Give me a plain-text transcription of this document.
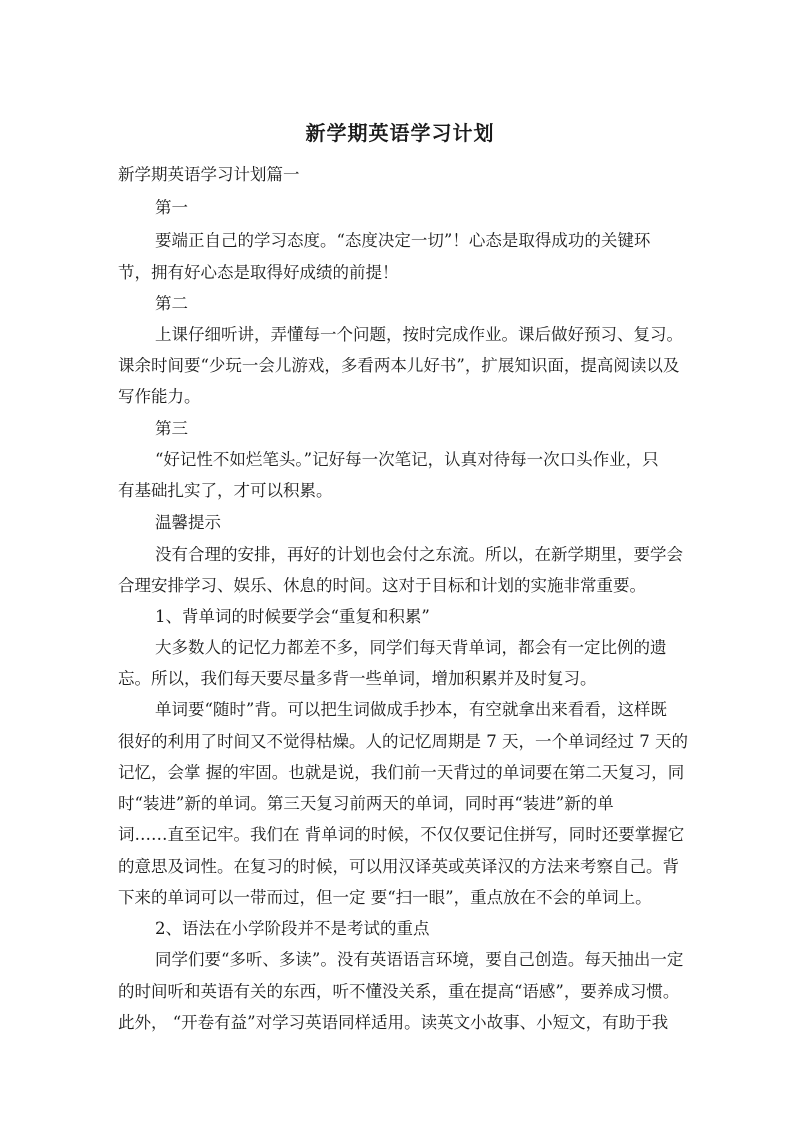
新学期英语学习计划
新学期英语学习计划篇一
第一
要端正自己的学习态度。“态度决定一切”！心态是取得成功的关键环
节，拥有好心态是取得好成绩的前提！
第二
上课仔细听讲，弄懂每一个问题，按时完成作业。课后做好预习、复习。
课余时间要“少玩一会儿游戏，多看两本儿好书”，扩展知识面，提高阅读以及
写作能力。
第三
“好记性不如烂笔头。”记好每一次笔记，认真对待每一次口头作业，只
有基础扎实了，才可以积累。
温馨提示
没有合理的安排，再好的计划也会付之东流。所以，在新学期里，要学会
合理安排学习、娱乐、休息的时间。这对于目标和计划的实施非常重要。
1、背单词的时候要学会“重复和积累”
大多数人的记忆力都差不多，同学们每天背单词，都会有一定比例的遗
忘。所以，我们每天要尽量多背一些单词，增加积累并及时复习。
单词要“随时”背。可以把生词做成手抄本，有空就拿出来看看，这样既
很好的利用了时间又不觉得枯燥。人的记忆周期是 7 天，一个单词经过 7 天的
记忆，会掌 握的牢固。也就是说，我们前一天背过的单词要在第二天复习，同
时“装进”新的单词。第三天复习前两天的单词，同时再“装进”新的单
词……直至记牢。我们在 背单词的时候，不仅仅要记住拼写，同时还要掌握它
的意思及词性。在复习的时候，可以用汉译英或英译汉的方法来考察自己。背
下来的单词可以一带而过，但一定 要“扫一眼”，重点放在不会的单词上。
2、语法在小学阶段并不是考试的重点
同学们要“多听、多读”。没有英语语言环境，要自己创造。每天抽出一定
的时间听和英语有关的东西，听不懂没关系，重在提高“语感”，要养成习惯。
此外， “开卷有益”对学习英语同样适用。读英文小故事、小短文，有助于我
